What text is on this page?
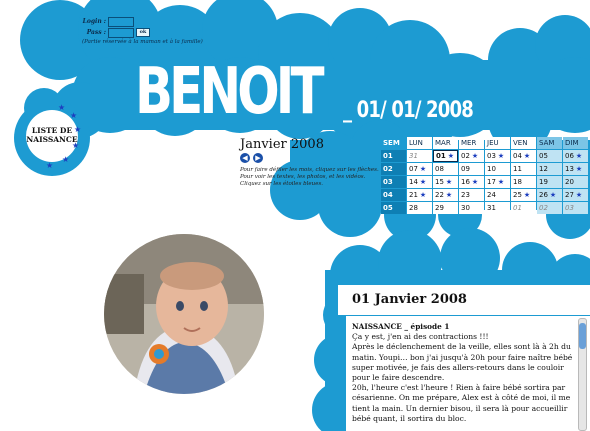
Login :
Pass :	ok
(Partie réservée à la maman et à la famille)
BENOIT _ 01/ 01/ 2008
LISTE DE
NAISSANCE
★
★
★
★
★
★
Janvier 2008
◀	▶
Pour faire défiler les mois, cliquez sur les flèches. Pour voir les textes, les photos, et les vidéos. Cliquez sur les étoiles bleues.
SEM	LUN	MAR	MER	JEU	VEN	SAM	DIM
01	31	01 ★	02 ★	03 ★	04 ★	05	06 ★
02	07 ★	08	09	10	11	12	13 ★
03	14 ★	15 ★	16 ★	17 ★	18	19	20
04	21 ★	22 ★	23	24	25 ★	26 ★	27 ★
05	28	29	30	31	01	02	03
01 Janvier 2008
NAISSANCE _ épisode 1
Ça y est, j'en ai des contractions !!!
Après le déclenchement de la veille, elles sont là à 2h du matin. Youpi… bon j'ai jusqu'à 20h pour faire naître bébé super motivée, je fais des allers-retours dans le couloir pour le faire descendre.
20h, l'heure c'est l'heure ! Rien à faire bébé sortira par césarienne. On me prépare, Alex est à côté de moi, il me tient la main. Un dernier bisou, il sera là pour accueillir bébé quant, il sortira du bloc.
